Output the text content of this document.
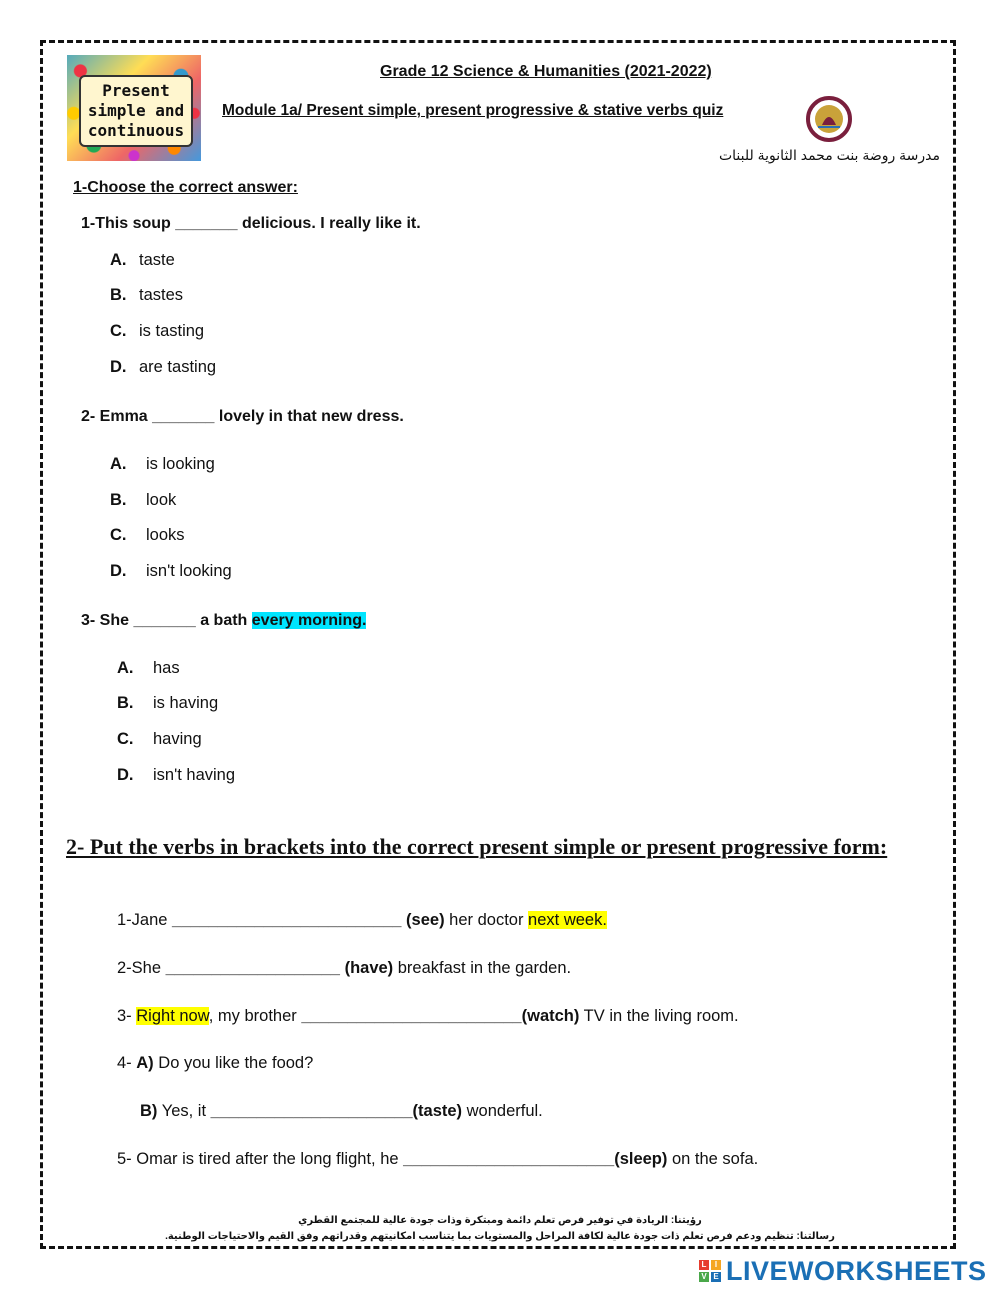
Present
simple and
continuous
Grade 12 Science & Humanities (2021-2022)
Module 1a/ Present simple, present progressive & stative verbs quiz
مدرسة روضة بنت محمد الثانوية للبنات
1-Choose the correct answer:
1-This soup _______ delicious. I really like it.
A. taste
B. tastes
C. is tasting
D. are tasting
2- Emma _______ lovely in that new dress.
A. is looking
B. look
C. looks
D. isn't looking
3- She _______ a bath every morning.
A. has
B. is having
C. having
D. isn't having
2- Put the verbs in brackets into the correct present simple or present progressive form:
1-Jane _________________________ (see) her doctor next week.
2-She ___________________ (have) breakfast in the garden.
3- Right now, my brother ________________________(watch) TV in the living room.
4- A) Do you like the food?
B) Yes, it ______________________(taste) wonderful.
5- Omar is tired after the long flight, he _______________________(sleep) on the sofa.
رؤيتنا: الريادة في توفير فرص تعلم دائمة ومبتكرة وذات جودة عالية للمجتمع القطري
رسالتنا: تنظيم ودعم فرص تعلم ذات جودة عالية لكافة المراحل والمستويات بما يتناسب امكانيتهم وقدراتهم وفق القيم والاحتياجات الوطنية.
L	I
V E LIVEWORKSHEETS
